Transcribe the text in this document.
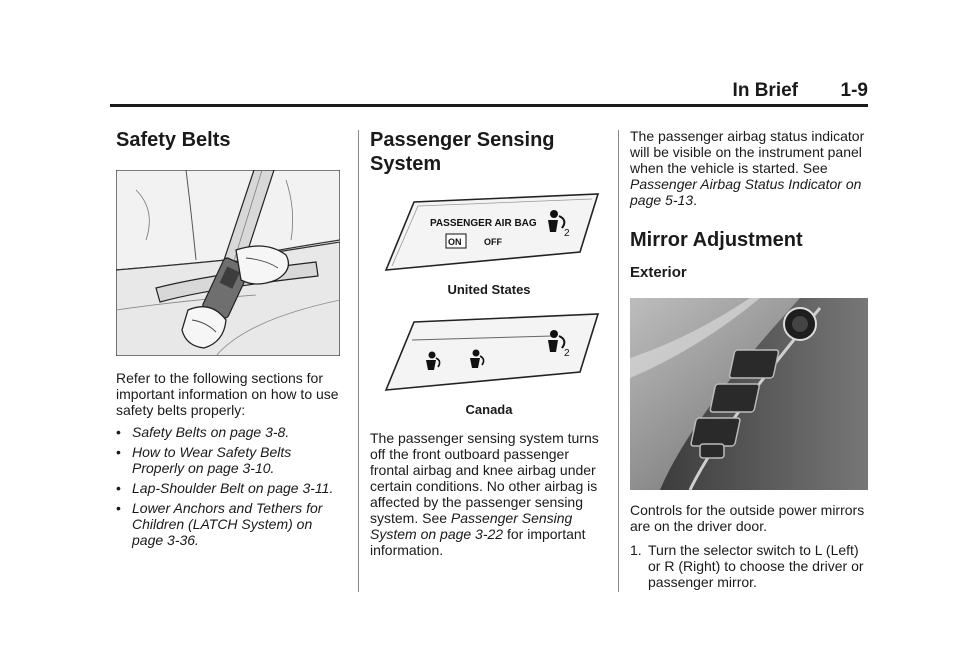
In Brief 1-9
Safety Belts

Refer to the following sections for important information on how to use safety belts properly:

• Safety Belts on page 3-8.
• How to Wear Safety Belts Properly on page 3-10.
• Lap-Shoulder Belt on page 3-11.
• Lower Anchors and Tethers for Children (LATCH System) on page 3-36.
Passenger Sensing System
PASSENGER AIR BAG
ON	OFF
2
United States
2
Canada

The passenger sensing system turns off the front outboard passenger frontal airbag and knee airbag under certain conditions. No other airbag is affected by the passenger sensing system. See Passenger Sensing System on page 3-22 for important information.

The passenger airbag status indicator will be visible on the instrument panel when the vehicle is started. See Passenger Airbag Status Indicator on page 5-13.

Mirror Adjustment
Exterior

Controls for the outside power mirrors are on the driver door.

1. Turn the selector switch to L (Left) or R (Right) to choose the driver or passenger mirror.
